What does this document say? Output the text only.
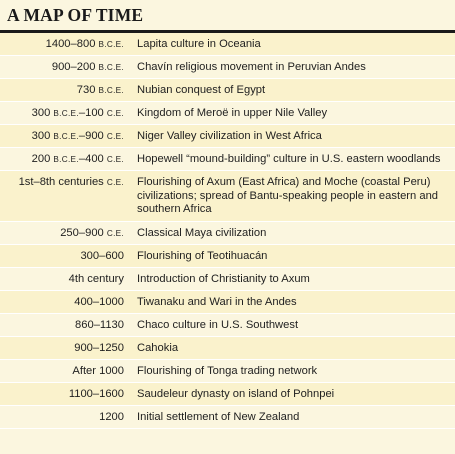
A MAP OF TIME
1400–800 B.C.E.	Lapita culture in Oceania
900–200 B.C.E.	Chavín religious movement in Peruvian Andes
730 B.C.E.	Nubian conquest of Egypt
300 B.C.E.–100 C.E.	Kingdom of Meroë in upper Nile Valley
300 B.C.E.–900 C.E.	Niger Valley civilization in West Africa
200 B.C.E.–400 C.E.	Hopewell “mound-building” culture in U.S. eastern woodlands
1st–8th centuries C.E.	Flourishing of Axum (East Africa) and Moche (coastal Peru) civilizations; spread of Bantu-speaking people in eastern and southern Africa
250–900 C.E.	Classical Maya civilization
300–600	Flourishing of Teotihuacán
4th century	Introduction of Christianity to Axum
400–1000	Tiwanaku and Wari in the Andes
860–1130	Chaco culture in U.S. Southwest
900–1250	Cahokia
After 1000	Flourishing of Tonga trading network
1100–1600	Saudeleur dynasty on island of Pohnpei
1200	Initial settlement of New Zealand
